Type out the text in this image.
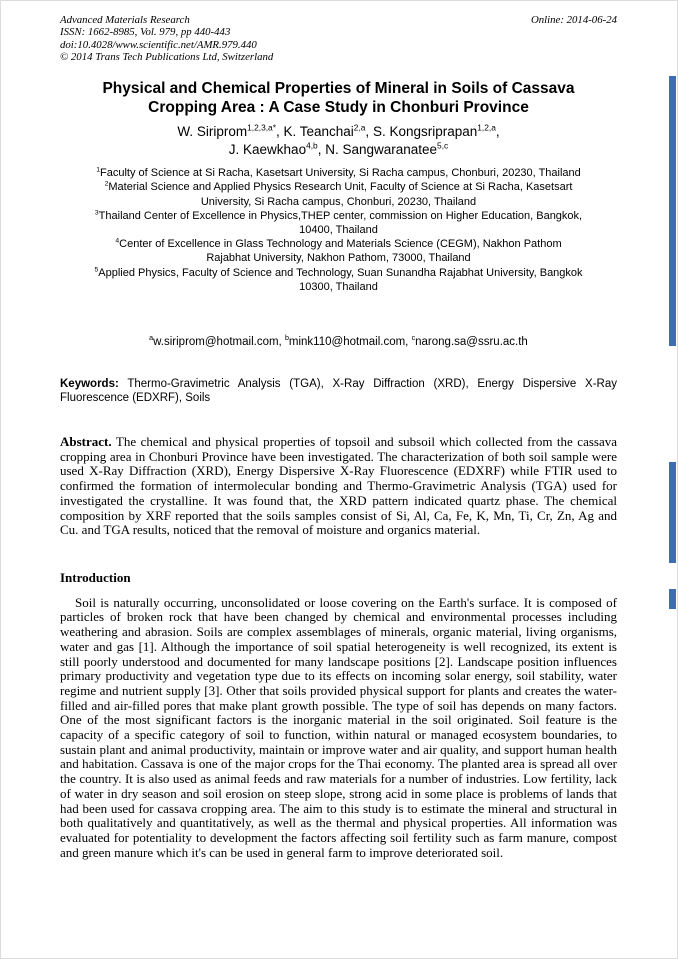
Advanced Materials Research
ISSN: 1662-8985, Vol. 979, pp 440-443
doi:10.4028/www.scientific.net/AMR.979.440
© 2014 Trans Tech Publications Ltd, Switzerland
Online: 2014-06-24
Physical and Chemical Properties of Mineral in Soils of Cassava
Cropping Area : A Case Study in Chonburi Province
W. Siriprom$^{1,2,3,a*}$, K. Teanchai$^{2,a}$, S. Kongsriprapan$^{1,2,a}$,
J. Kaewkhao$^{4,b}$, N. Sangwaranatee$^{5,c}$
$^1$Faculty of Science at Si Racha, Kasetsart University, Si Racha campus, Chonburi, 20230, Thailand
$^2$Material Science and Applied Physics Research Unit, Faculty of Science at Si Racha, Kasetsart University, Si Racha campus, Chonburi, 20230, Thailand
$^3$Thailand Center of Excellence in Physics,THEP center, commission on Higher Education, Bangkok, 10400, Thailand
$^4$Center of Excellence in Glass Technology and Materials Science (CEGM), Nakhon Pathom Rajabhat University, Nakhon Pathom, 73000, Thailand
$^5$Applied Physics, Faculty of Science and Technology, Suan Sunandha Rajabhat University, Bangkok 10300, Thailand
$^a$w.siriprom@hotmail.com, $^b$mink110@hotmail.com, $^c$narong.sa@ssru.ac.th

Keywords: Thermo-Gravimetric Analysis (TGA), X-Ray Diffraction (XRD), Energy Dispersive X-Ray Fluorescence (EDXRF), Soils

Abstract. The chemical and physical properties of topsoil and subsoil which collected from the cassava cropping area in Chonburi Province have been investigated. The characterization of both soil sample were used X-Ray Diffraction (XRD), Energy Dispersive X-Ray Fluorescence (EDXRF) while FTIR used to confirmed the formation of intermolecular bonding and Thermo-Gravimetric Analysis (TGA) used for investigated the crystalline. It was found that, the XRD pattern indicated quartz phase. The chemical composition by XRF reported that the soils samples consist of Si, Al, Ca, Fe, K, Mn, Ti, Cr, Zn, Ag and Cu. and TGA results, noticed that the removal of moisture and organics material.

Introduction

Soil is naturally occurring, unconsolidated or loose covering on the Earth's surface. It is composed of particles of broken rock that have been changed by chemical and environmental processes including weathering and abrasion. Soils are complex assemblages of minerals, organic material, living organisms, water and gas [1]. Although the importance of soil spatial heterogeneity is well recognized, its extent is still poorly understood and documented for many landscape positions [2]. Landscape position influences primary productivity and vegetation type due to its effects on incoming solar energy, soil stability, water regime and nutrient supply [3]. Other that soils provided physical support for plants and creates the water-filled and air-filled pores that make plant growth possible. The type of soil has depends on many factors. One of the most significant factors is the inorganic material in the soil originated. Soil feature is the capacity of a specific category of soil to function, within natural or managed ecosystem boundaries, to sustain plant and animal productivity, maintain or improve water and air quality, and support human health and habitation. Cassava is one of the major crops for the Thai economy. The planted area is spread all over the country. It is also used as animal feeds and raw materials for a number of industries. Low fertility, lack of water in dry season and soil erosion on steep slope, strong acid in some place is problems of lands that had been used for cassava cropping area. The aim to this study is to estimate the mineral and structural in both qualitatively and quantitatively, as well as the thermal and physical properties. All information was evaluated for potentiality to development the factors affecting soil fertility such as farm manure, compost and green manure which it's can be used in general farm to improve deteriorated soil.
